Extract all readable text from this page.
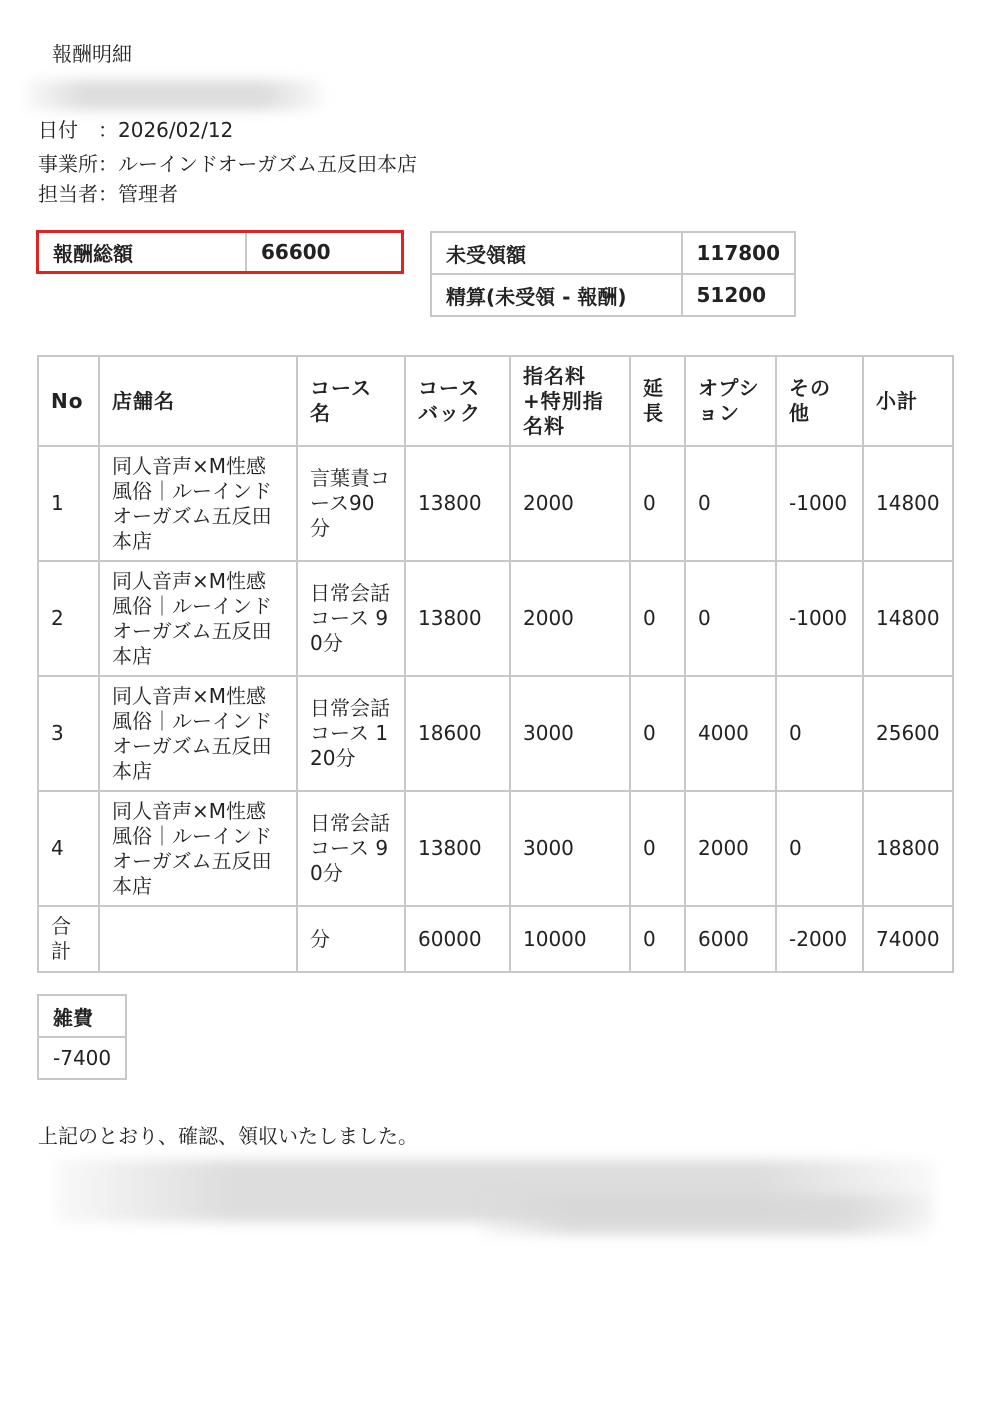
報酬明細
日付　：2026/02/12
事業所：ルーインドオーガズム五反田本店
担当者：管理者
報酬総額	66600	未受領額	117800
精算(未受領 - 報酬)	51200
No	店舗名	コース名	コースバック	指名料+特別指名料	延長	オプション	その他	小計
1	同人音声×M性感風俗｜ルーインドオーガズム五反田本店	言葉責コース90分	13800	2000	0	0	-1000	14800
2	同人音声×M性感風俗｜ルーインドオーガズム五反田本店	日常会話コース 90分	13800	2000	0	0	-1000	14800
3	同人音声×M性感風俗｜ルーインドオーガズム五反田本店	日常会話コース 120分	18600	3000	0	4000	0	25600
4	同人音声×M性感風俗｜ルーインドオーガズム五反田本店	日常会話コース 90分	13800	3000	0	2000	0	18800
合計		分	60000	10000	0	6000	-2000	74000
雑費
-7400
上記のとおり、確認、領収いたしました。
